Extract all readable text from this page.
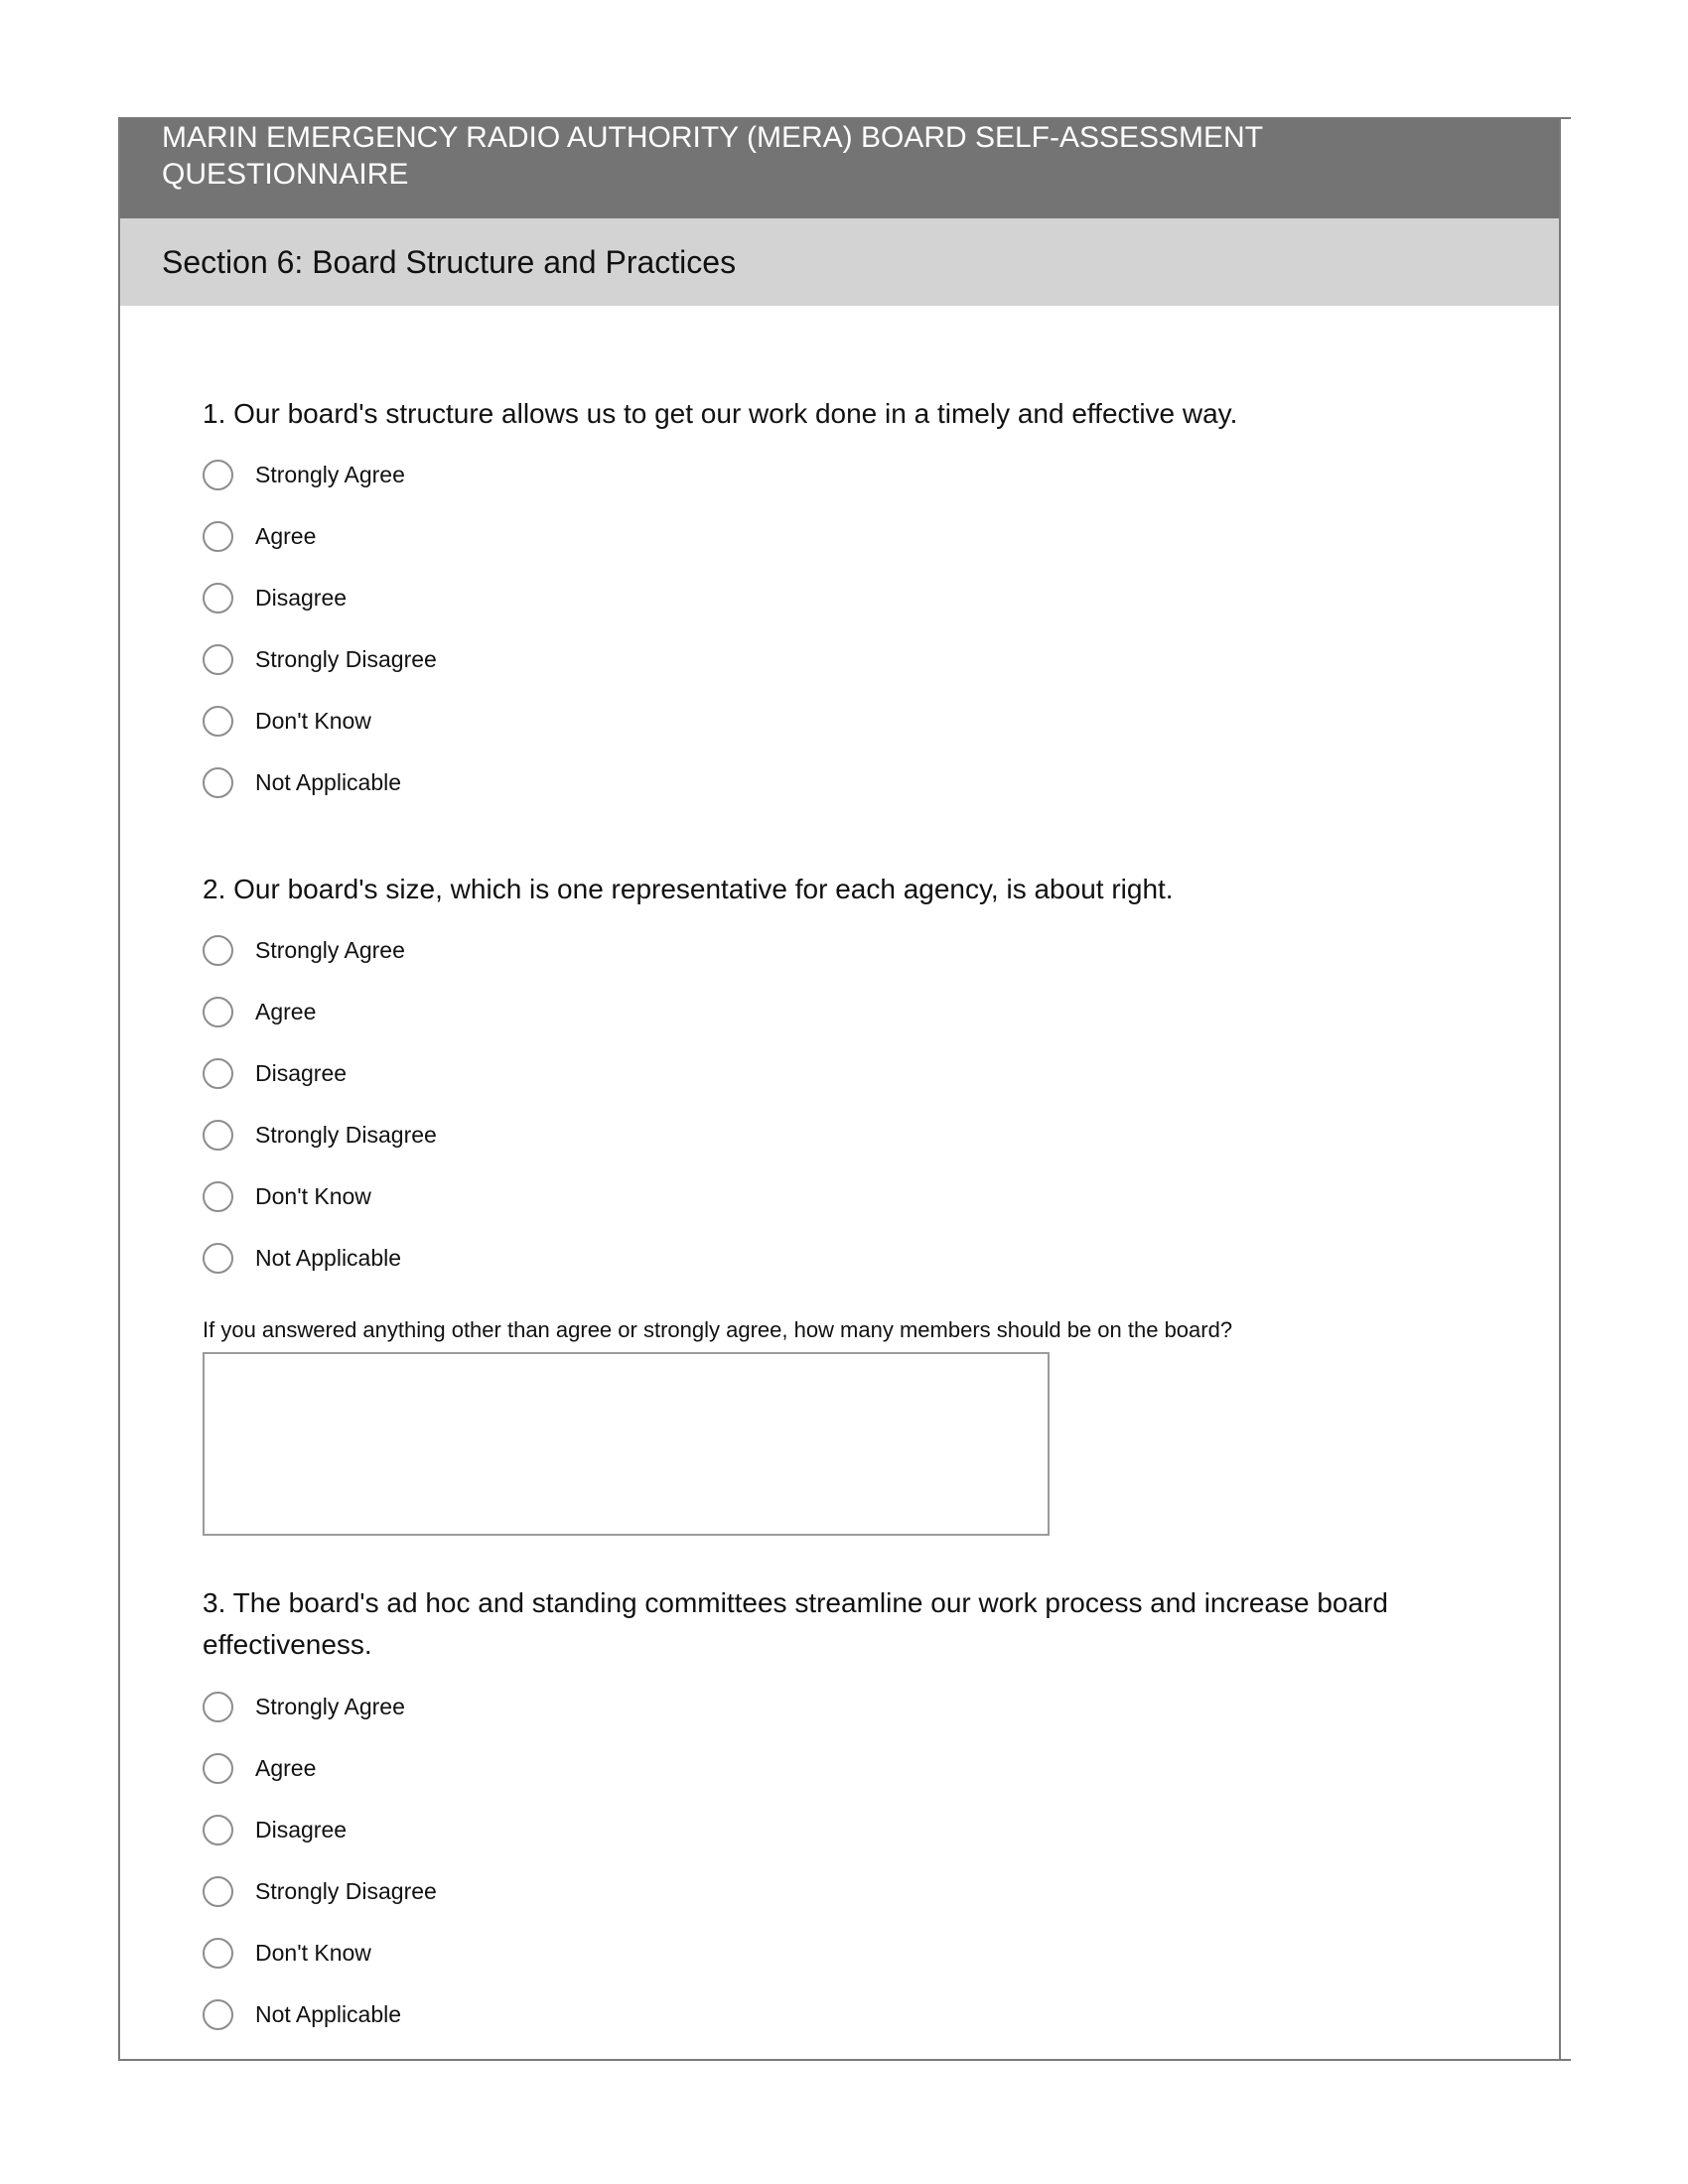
MARIN EMERGENCY RADIO AUTHORITY (MERA) BOARD SELF-ASSESSMENT QUESTIONNAIRE
Section 6: Board Structure and Practices
1. Our board's structure allows us to get our work done in a timely and effective way.
Strongly Agree
Agree
Disagree
Strongly Disagree
Don't Know
Not Applicable
2. Our board's size, which is one representative for each agency, is about right.
Strongly Agree
Agree
Disagree
Strongly Disagree
Don't Know
Not Applicable
If you answered anything other than agree or strongly agree, how many members should be on the board?
3. The board's ad hoc and standing committees streamline our work process and increase board effectiveness.
Strongly Agree
Agree
Disagree
Strongly Disagree
Don't Know
Not Applicable
